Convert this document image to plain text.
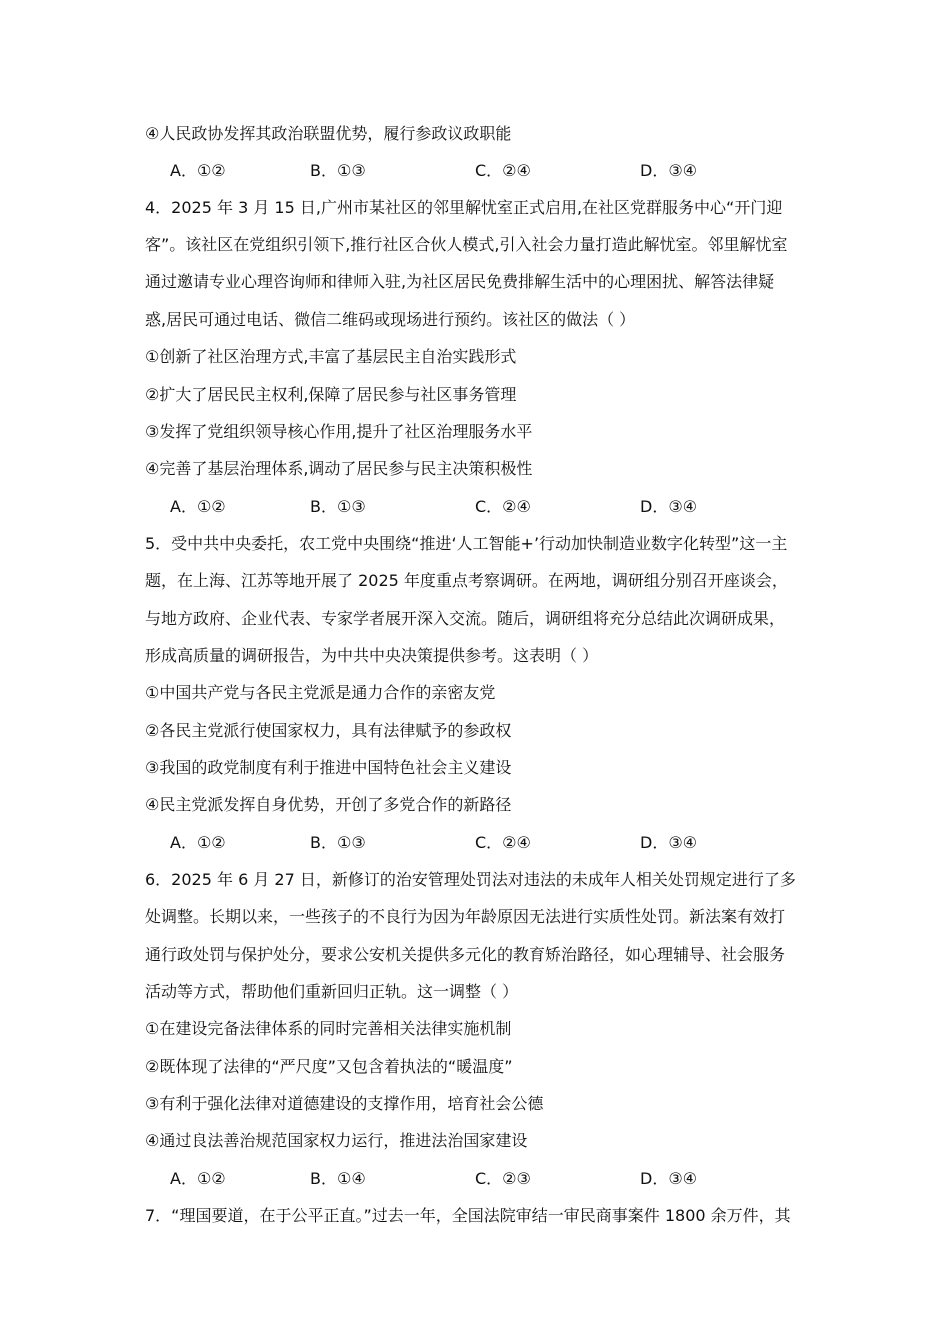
④人民政协发挥其政治联盟优势，履行参政议政职能
A．①②	B．①③	C．②④	D．③④
4．2025 年 3 月 15 日,广州市某社区的邻里解忧室正式启用,在社区党群服务中心“开门迎
客”。该社区在党组织引领下,推行社区合伙人模式,引入社会力量打造此解忧室。邻里解忧室
通过邀请专业心理咨询师和律师入驻,为社区居民免费排解生活中的心理困扰、解答法律疑
惑,居民可通过电话、微信二维码或现场进行预约。该社区的做法（ ）
①创新了社区治理方式,丰富了基层民主自治实践形式
②扩大了居民民主权利,保障了居民参与社区事务管理
③发挥了党组织领导核心作用,提升了社区治理服务水平
④完善了基层治理体系,调动了居民参与民主决策积极性
A．①②	B．①③	C．②④	D．③④
5．受中共中央委托，农工党中央围绕“推进‘人工智能+’行动加快制造业数字化转型”这一主
题，在上海、江苏等地开展了 2025 年度重点考察调研。在两地，调研组分别召开座谈会，
与地方政府、企业代表、专家学者展开深入交流。随后，调研组将充分总结此次调研成果，
形成高质量的调研报告，为中共中央决策提供参考。这表明（ ）
①中国共产党与各民主党派是通力合作的亲密友党
②各民主党派行使国家权力，具有法律赋予的参政权
③我国的政党制度有利于推进中国特色社会主义建设
④民主党派发挥自身优势，开创了多党合作的新路径
A．①②	B．①③	C．②④	D．③④
6．2025 年 6 月 27 日，新修订的治安管理处罚法对违法的未成年人相关处罚规定进行了多
处调整。长期以来，一些孩子的不良行为因为年龄原因无法进行实质性处罚。新法案有效打
通行政处罚与保护处分，要求公安机关提供多元化的教育矫治路径，如心理辅导、社会服务
活动等方式，帮助他们重新回归正轨。这一调整（ ）
①在建设完备法律体系的同时完善相关法律实施机制
②既体现了法律的“严尺度”又包含着执法的“暖温度”
③有利于强化法律对道德建设的支撑作用，培育社会公德
④通过良法善治规范国家权力运行，推进法治国家建设
A．①②	B．①④	C．②③	D．③④
7．“理国要道，在于公平正直。”过去一年，全国法院审结一审民商事案件 1800 余万件，其
